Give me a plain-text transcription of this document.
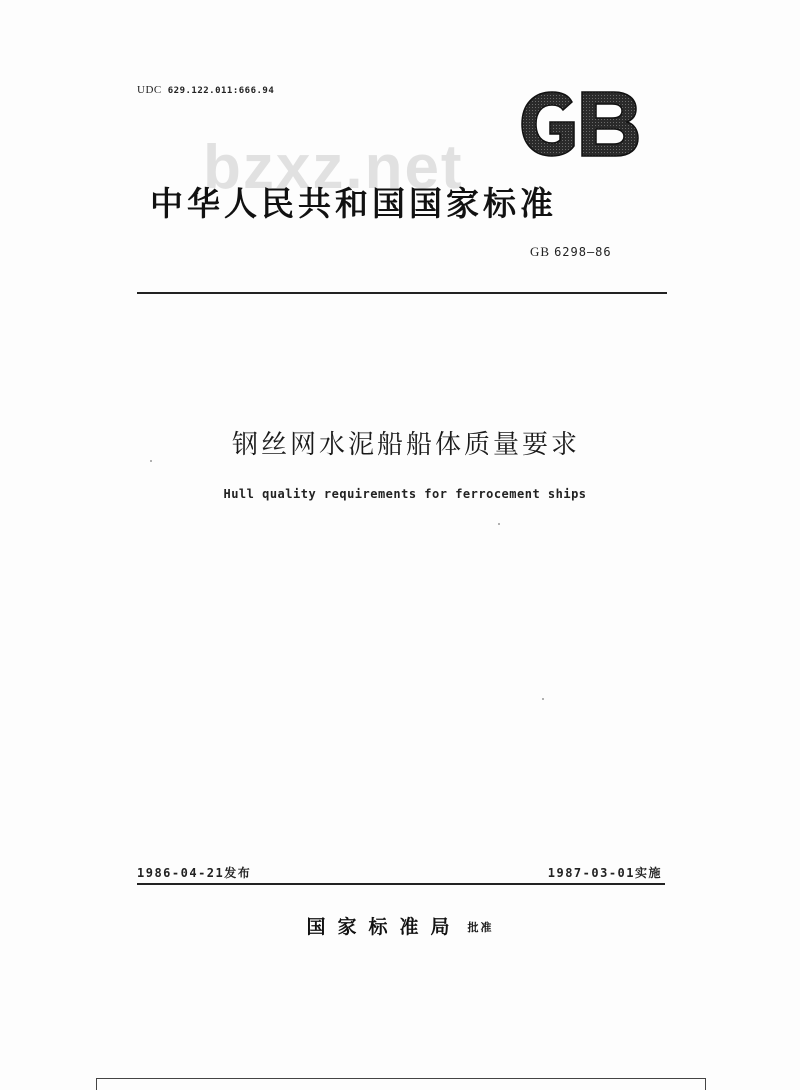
UDC 629.122.011:666.94
GB
bzxz.net
中华人民共和国国家标准
GB 6298—86
钢丝网水泥船船体质量要求
Hull quality requirements for ferrocement ships
1986-04-21发布	1987-03-01实施
国家标准局 批准
